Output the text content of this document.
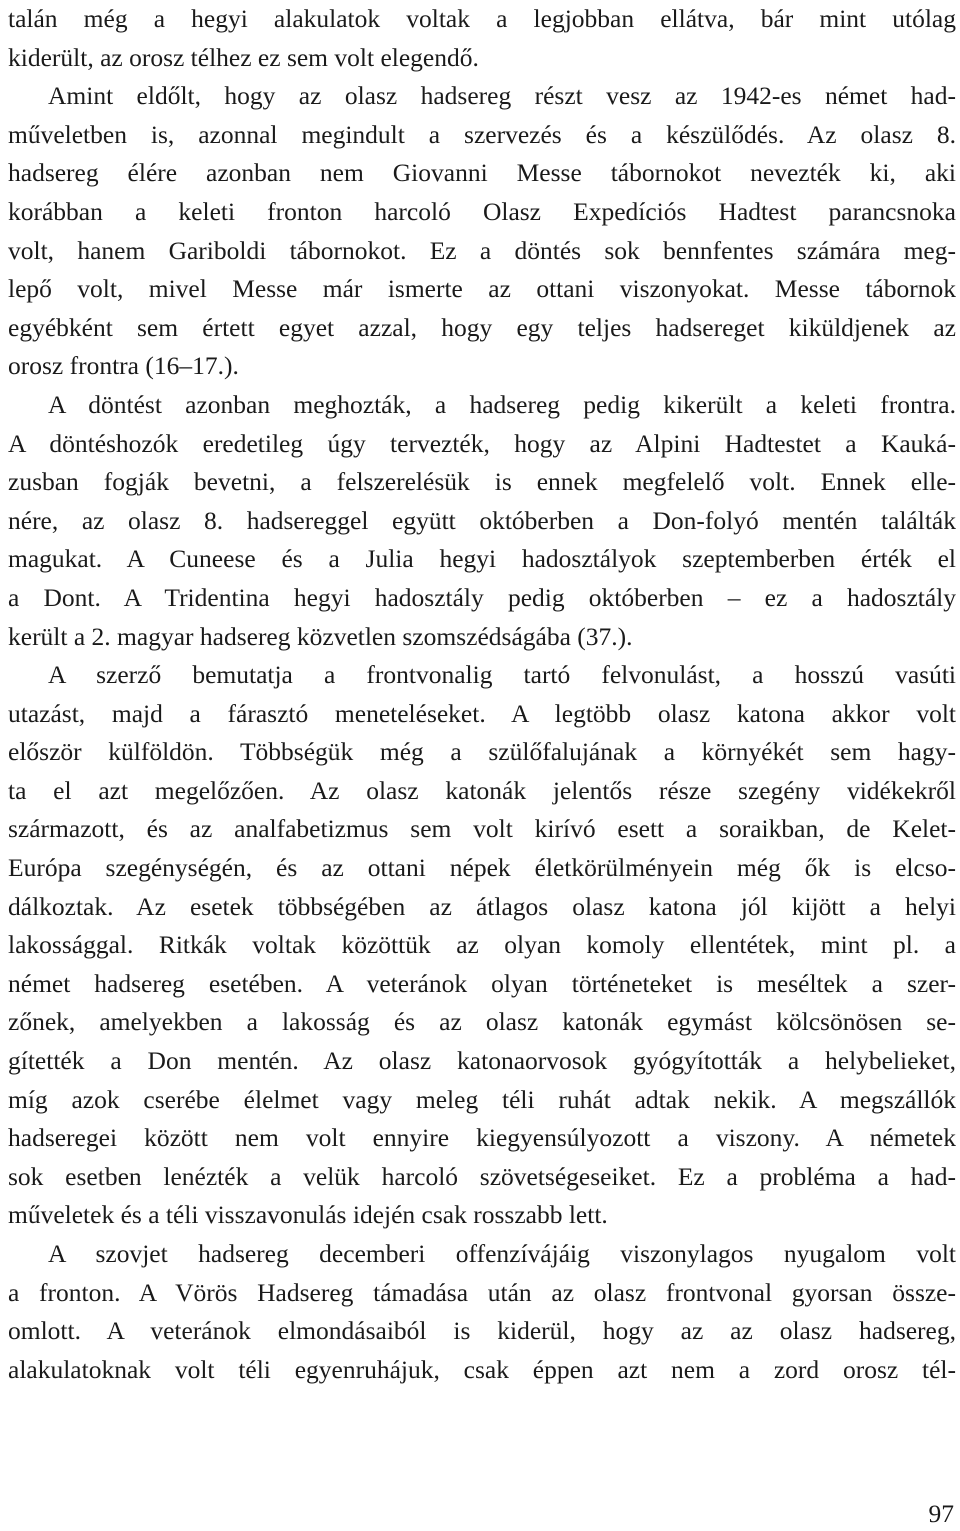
talán még a hegyi alakulatok voltak a legjobban ellátva, bár mint utólag
kiderült, az orosz télhez ez sem volt elegendő.
Amint eldőlt, hogy az olasz hadsereg részt vesz az 1942-es német had-
műveletben is, azonnal megindult a szervezés és a készülődés. Az olasz 8.
hadsereg élére azonban nem Giovanni Messe tábornokot nevezték ki, aki
korábban a keleti fronton harcoló Olasz Expedíciós Hadtest parancsnoka
volt, hanem Gariboldi tábornokot. Ez a döntés sok bennfentes számára meg-
lepő volt, mivel Messe már ismerte az ottani viszonyokat. Messe tábornok
egyébként sem értett egyet azzal, hogy egy teljes hadsereget kiküldjenek az
orosz frontra (16–17.).
A döntést azonban meghozták, a hadsereg pedig kikerült a keleti frontra.
A döntéshozók eredetileg úgy tervezték, hogy az Alpini Hadtestet a Kauká-
zusban fogják bevetni, a felszerelésük is ennek megfelelő volt. Ennek elle-
nére, az olasz 8. hadsereggel együtt októberben a Don-folyó mentén találták
magukat. A Cuneese és a Julia hegyi hadosztályok szeptemberben érték el
a Dont. A Tridentina hegyi hadosztály pedig októberben – ez a hadosztály
került a 2. magyar hadsereg közvetlen szomszédságába (37.).
A szerző bemutatja a frontvonalig tartó felvonulást, a hosszú vasúti
utazást, majd a fárasztó meneteléseket. A legtöbb olasz katona akkor volt
először külföldön. Többségük még a szülőfalujának a környékét sem hagy-
ta el azt megelőzően. Az olasz katonák jelentős része szegény vidékekről
származott, és az analfabetizmus sem volt kirívó esett a soraikban, de Kelet-
Európa szegénységén, és az ottani népek életkörülményein még ők is elcso-
dálkoztak. Az esetek többségében az átlagos olasz katona jól kijött a helyi
lakossággal. Ritkák voltak közöttük az olyan komoly ellentétek, mint pl. a
német hadsereg esetében. A veteránok olyan történeteket is meséltek a szer-
zőnek, amelyekben a lakosság és az olasz katonák egymást kölcsönösen se-
gítették a Don mentén. Az olasz katonaorvosok gyógyították a helybelieket,
míg azok cserébe élelmet vagy meleg téli ruhát adtak nekik. A megszállók
hadseregei között nem volt ennyire kiegyensúlyozott a viszony. A németek
sok esetben lenézték a velük harcoló szövetségeseiket. Ez a probléma a had-
műveletek és a téli visszavonulás idején csak rosszabb lett.
A szovjet hadsereg decemberi offenzívájáig viszonylagos nyugalom volt
a fronton. A Vörös Hadsereg támadása után az olasz frontvonal gyorsan össze-
omlott. A veteránok elmondásaiból is kiderül, hogy az az olasz hadsereg,
alakulatoknak volt téli egyenruhájuk, csak éppen azt nem a zord orosz tél-
97
